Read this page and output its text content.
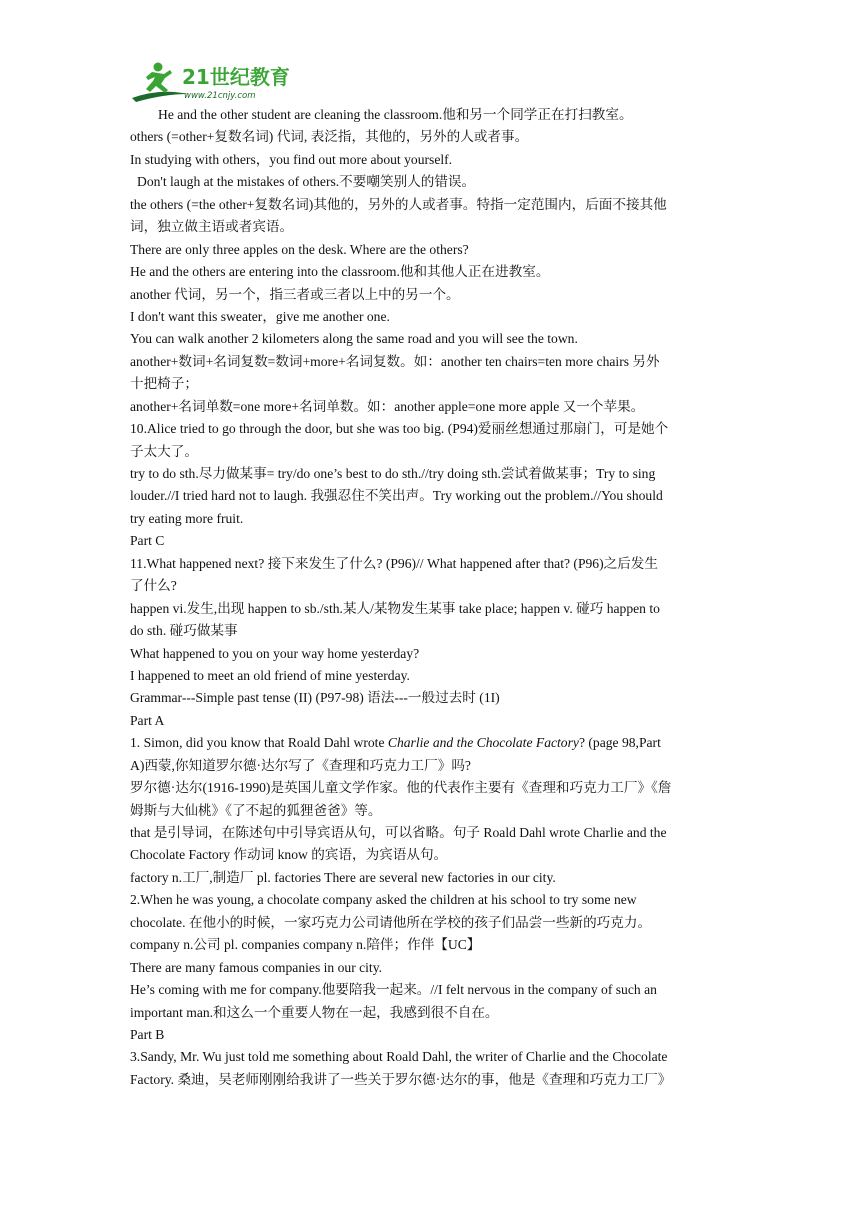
21世纪教育
www.21cnjy.com
He and the other student are cleaning the classroom.他和另一个同学正在打扫教室。
others (=other+复数名词) 代词, 表泛指，其他的，另外的人或者事。
In studying with others，you find out more about yourself.
Don't laugh at the mistakes of others.不要嘲笑别人的错误。
the others (=the other+复数名词)其他的，另外的人或者事。特指一定范围内，后面不接其他
词，独立做主语或者宾语。
There are only three apples on the desk. Where are the others?
He and the others are entering into the classroom.他和其他人正在进教室。
another 代词，另一个，指三者或三者以上中的另一个。
I don't want this sweater，give me another one.
You can walk another 2 kilometers along the same road and you will see the town.
another+数词+名词复数=数词+more+名词复数。如：another ten chairs=ten more chairs 另外
十把椅子；
another+名词单数=one more+名词单数。如：another apple=one more apple 又一个苹果。
10.Alice tried to go through the door, but she was too big. (P94)爱丽丝想通过那扇门，可是她个
子太大了。
try to do sth.尽力做某事= try/do one’s best to do sth.//try doing sth.尝试着做某事；Try to sing
louder.//I tried hard not to laugh. 我强忍住不笑出声。Try working out the problem.//You should
try eating more fruit.
Part C
11.What happened next? 接下来发生了什么? (P96)// What happened after that? (P96)之后发生
了什么?
happen vi.发生,出现 happen to sb./sth.某人/某物发生某事 take place; happen v. 碰巧 happen to
do sth. 碰巧做某事
What happened to you on your way home yesterday?
I happened to meet an old friend of mine yesterday.
Grammar---Simple past tense (II) (P97-98) 语法---一般过去时 (1I)
Part A
1. Simon, did you know that Roald Dahl wrote Charlie and the Chocolate Factory? (page 98,Part
A)西蒙,你知道罗尔德·达尔写了《查理和巧克力工厂》吗?
罗尔德·达尔(1916-1990)是英国儿童文学作家。他的代表作主要有《查理和巧克力工厂》《詹
姆斯与大仙桃》《了不起的狐狸爸爸》等。
that 是引导词，在陈述句中引导宾语从句，可以省略。句子 Roald Dahl wrote Charlie and the
Chocolate Factory 作动词 know 的宾语，为宾语从句。
factory n.工厂,制造厂 pl. factories There are several new factories in our city.
2.When he was young, a chocolate company asked the children at his school to try some new
chocolate. 在他小的时候，一家巧克力公司请他所在学校的孩子们品尝一些新的巧克力。
company n.公司 pl. companies company n.陪伴；作伴【UC】
There are many famous companies in our city.
He’s coming with me for company.他要陪我一起来。//I felt nervous in the company of such an
important man.和这么一个重要人物在一起，我感到很不自在。
Part B
3.Sandy, Mr. Wu just told me something about Roald Dahl, the writer of Charlie and the Chocolate
Factory. 桑迪，吴老师刚刚给我讲了一些关于罗尔德·达尔的事，他是《查理和巧克力工厂》
